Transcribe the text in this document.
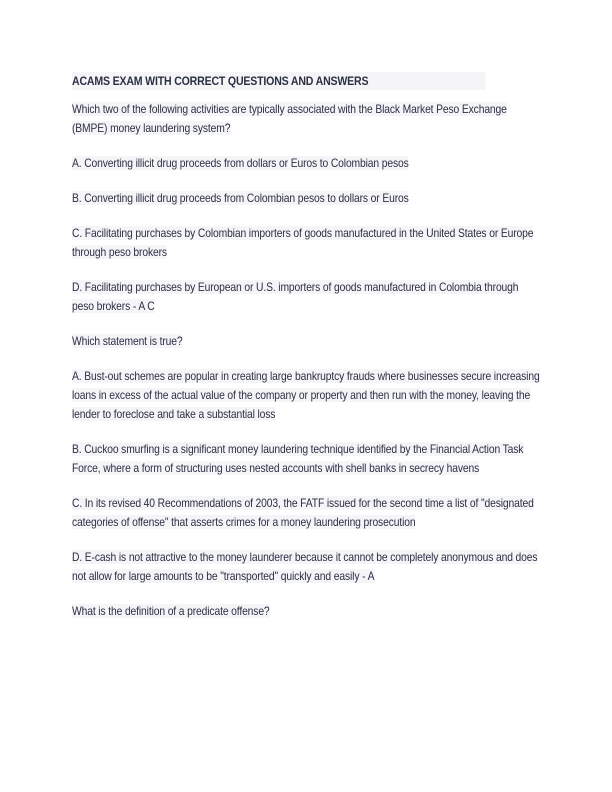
ACAMS EXAM WITH CORRECT QUESTIONS AND ANSWERS
Which two of the following activities are typically associated with the Black Market Peso Exchange (BMPE) money laundering system?
A. Converting illicit drug proceeds from dollars or Euros to Colombian pesos
B. Converting illicit drug proceeds from Colombian pesos to dollars or Euros
C. Facilitating purchases by Colombian importers of goods manufactured in the United States or Europe through peso brokers
D. Facilitating purchases by European or U.S. importers of goods manufactured in Colombia through peso brokers - A C
Which statement is true?
A. Bust-out schemes are popular in creating large bankruptcy frauds where businesses secure increasing loans in excess of the actual value of the company or property and then run with the money, leaving the lender to foreclose and take a substantial loss
B. Cuckoo smurfing is a significant money laundering technique identified by the Financial Action Task Force, where a form of structuring uses nested accounts with shell banks in secrecy havens
C. In its revised 40 Recommendations of 2003, the FATF issued for the second time a list of "designated categories of offense" that asserts crimes for a money laundering prosecution
D. E-cash is not attractive to the money launderer because it cannot be completely anonymous and does not allow for large amounts to be "transported" quickly and easily - A
What is the definition of a predicate offense?
